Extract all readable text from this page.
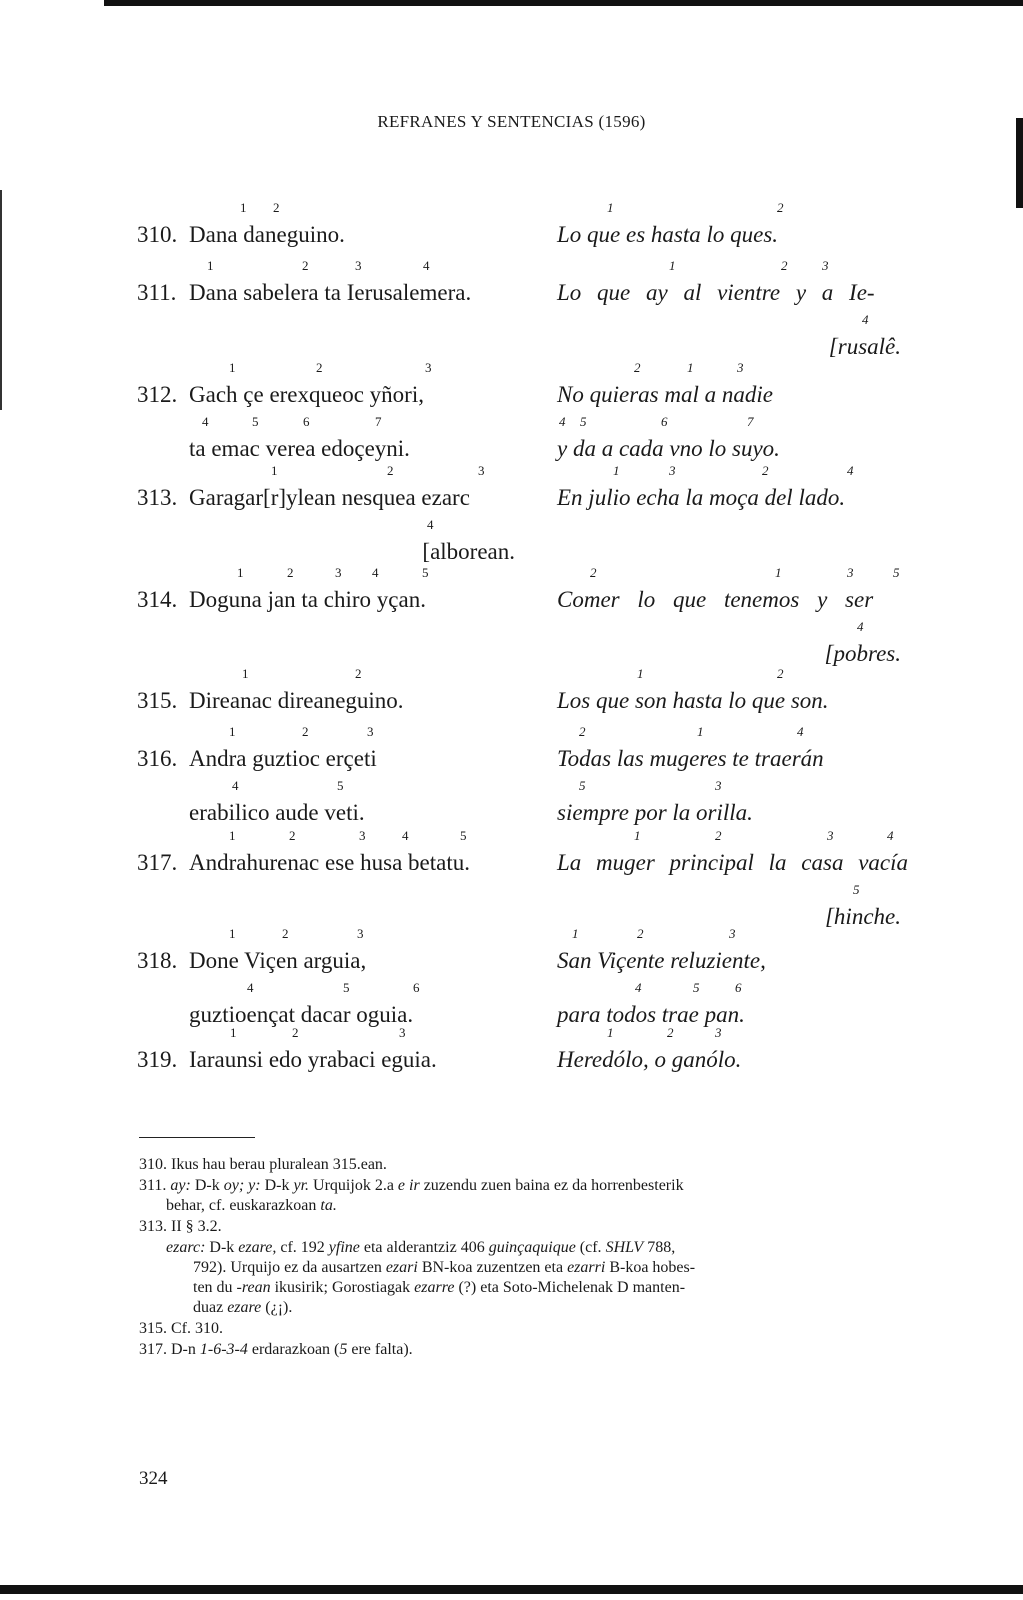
REFRANES Y SENTENCIAS (1596)
1 2
310. Dana daneguino.
1	2
Lo que es hasta lo ques.
1	2	3	4
311. Dana sabelera ta Ierusalemera.
1	2	3
Lo que ay al vientre y a Ie-
4
[rusalê.
1	2	3
312. Gach çe erexqueoc yñori,
4	5	6	7
ta emac verea edoçeyni.
2	1	3
No quieras mal a nadie
4 5	6	7
y da a cada vno lo suyo.
1	2	3
313. Garagar[r]ylean nesquea ezarc
4
[alborean.
1	3	2	4
En julio echa la moça del lado.
1	2	3 4	5
314. Doguna jan ta chiro yçan.
2	1	3	5
Comer lo que tenemos y ser
4
[pobres.
1	2
315. Direanac direaneguino.
1	2
Los que son hasta lo que son.
1	2	3
316. Andra guztioc erçeti
4	5
erabilico aude veti.
2	1	4
Todas las mugeres te traerán
5	3
siempre por la orilla.
1	2	3	4	5
317. Andrahurenac ese husa betatu.
1	2	3	4
La muger principal la casa vacía
5
[hinche.
1	2	3
318. Done Viçen arguia,
4	5	6
guztioençat dacar oguia.
1	2	3
San Viçente reluziente,
4	5	6
para todos trae pan.
1	2	3
319. Iaraunsi edo yrabaci eguia.
1	2	3
Heredólo, o ganólo.
310. Ikus hau berau pluralean 315.ean.
311. ay: D-k oy; y: D-k yr. Urquijok 2.a e ir zuzendu zuen baina ez da horrenbesterik
behar, cf. euskarazkoan ta.
313. II § 3.2.
ezarc: D-k ezare, cf. 192 yfine eta alderantziz 406 guinçaquique (cf. SHLV 788,
792). Urquijo ez da ausartzen ezari BN-koa zuzentzen eta ezarri B-koa hobes-
ten du -rean ikusirik; Gorostiagak ezarre (?) eta Soto-Michelenak D manten-
duaz ezare (¿¡).
315. Cf. 310.
317. D-n 1-6-3-4 erdarazkoan (5 ere falta).
324
